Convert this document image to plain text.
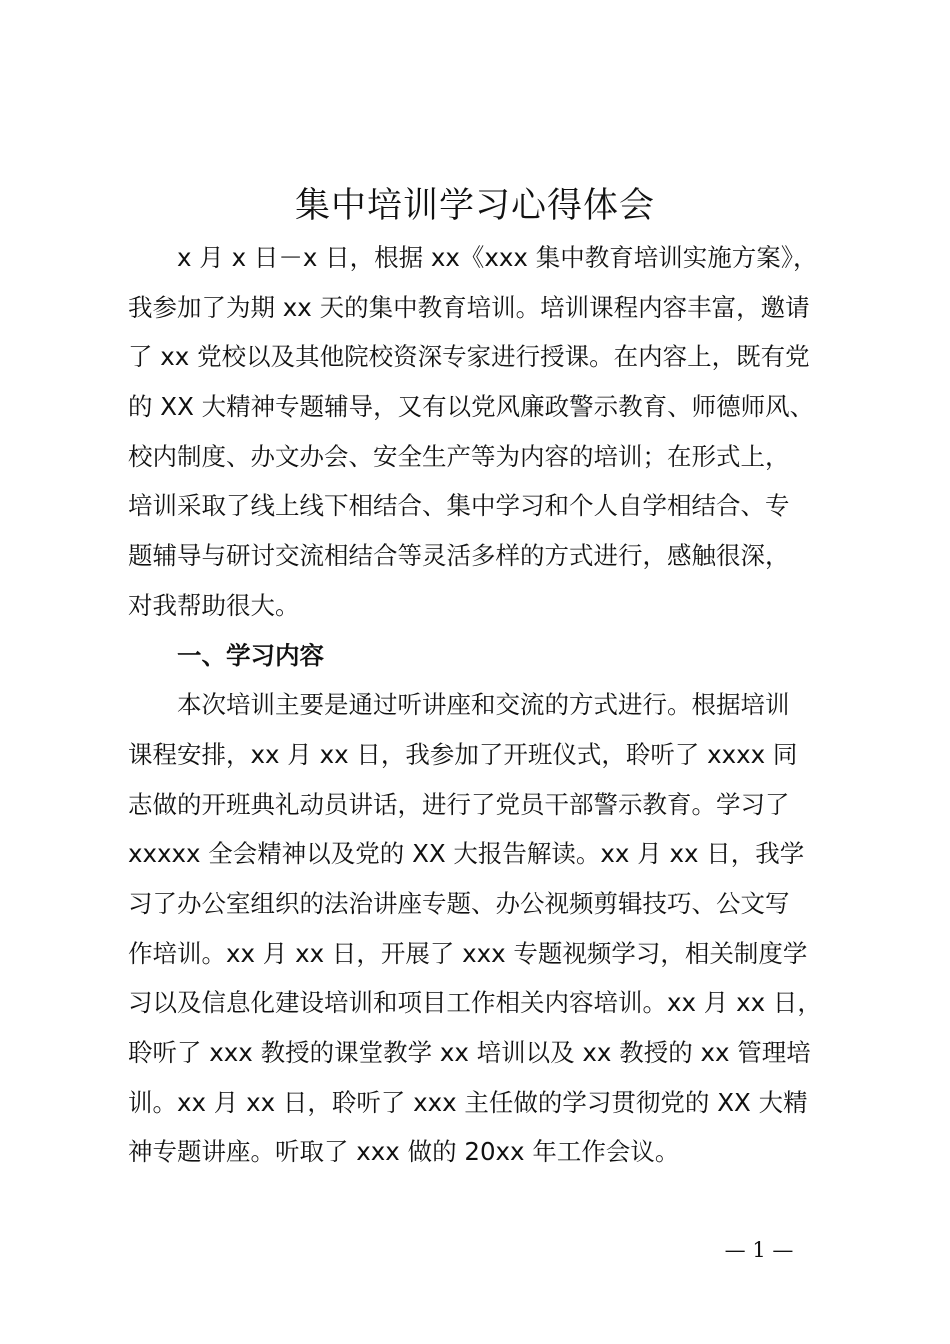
集中培训学习心得体会
x 月 x 日－x 日，根据 xx《xxx 集中教育培训实施方案》，
我参加了为期 xx 天的集中教育培训。培训课程内容丰富，邀请
了 xx 党校以及其他院校资深专家进行授课。在内容上，既有党
的 XX 大精神专题辅导，又有以党风廉政警示教育、师德师风、
校内制度、办文办会、安全生产等为内容的培训；在形式上，
培训采取了线上线下相结合、集中学习和个人自学相结合、专
题辅导与研讨交流相结合等灵活多样的方式进行，感触很深，
对我帮助很大。
一、学习内容
本次培训主要是通过听讲座和交流的方式进行。根据培训
课程安排，xx 月 xx 日，我参加了开班仪式，聆听了 xxxx 同
志做的开班典礼动员讲话，进行了党员干部警示教育。学习了
xxxxx 全会精神以及党的 XX 大报告解读。xx 月 xx 日，我学
习了办公室组织的法治讲座专题、办公视频剪辑技巧、公文写
作培训。xx 月 xx 日，开展了 xxx 专题视频学习，相关制度学
习以及信息化建设培训和项目工作相关内容培训。xx 月 xx 日，
聆听了 xxx 教授的课堂教学 xx 培训以及 xx 教授的 xx 管理培
训。xx 月 xx 日，聆听了 xxx 主任做的学习贯彻党的 XX 大精
神专题讲座。听取了 xxx 做的 20xx 年工作会议。
— 1 —
